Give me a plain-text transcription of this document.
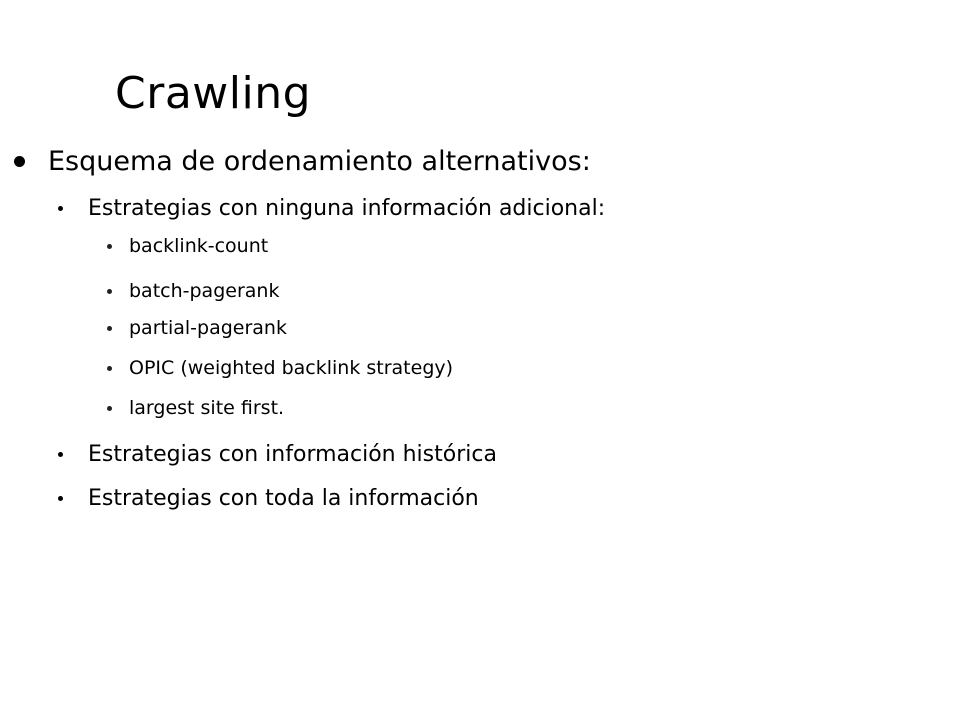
Crawling
Esquema de ordenamiento alternativos:
Estrategias con ninguna información adicional:
backlink-count
batch-pagerank
partial-pagerank
OPIC (weighted backlink strategy)
largest site first.
Estrategias con información histórica
Estrategias con toda la información
